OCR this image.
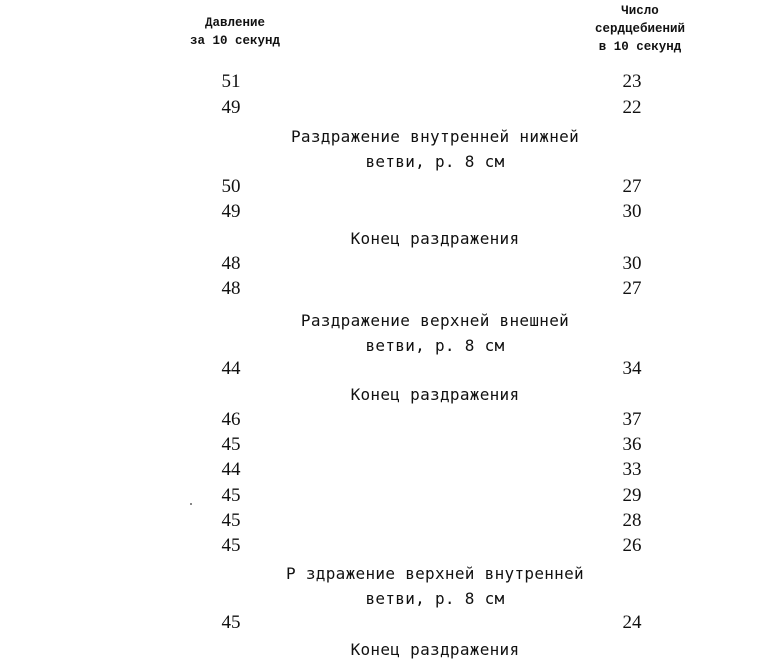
Давление
за 10 секунд
Число
сердцебиений
в 10 секунд
51	23
49	22
Раздражение внутренней нижней
ветви, р. 8 см
50	27
49	30
Конец раздражения
48	30
48	27
Раздражение верхней внешней
ветви, р. 8 см
44	34
Конец раздражения
46	37
45	36
44	33
45	29
45	28
45	26
Р здражение верхней внутренней
ветви, р. 8 см
45	24
Конец раздражения
